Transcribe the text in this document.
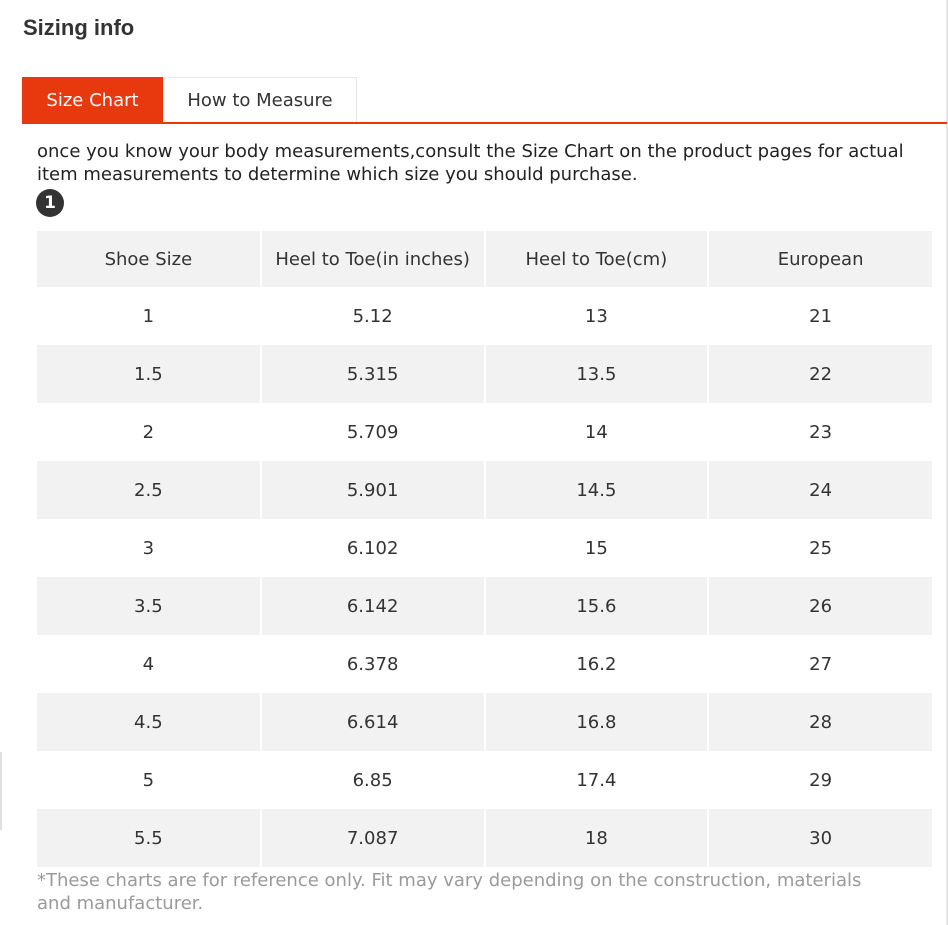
Sizing info
Size Chart	How to Measure
once you know your body measurements,consult the Size Chart on the product pages for actual item measurements to determine which size you should purchase.
1
Shoe Size	Heel to Toe(in inches)	Heel to Toe(cm)	European
1	5.12	13	21
1.5	5.315	13.5	22
2	5.709	14	23
2.5	5.901	14.5	24
3	6.102	15	25
3.5	6.142	15.6	26
4	6.378	16.2	27
4.5	6.614	16.8	28
5	6.85	17.4	29
5.5	7.087	18	30
*These charts are for reference only. Fit may vary depending on the construction, materials and manufacturer.
